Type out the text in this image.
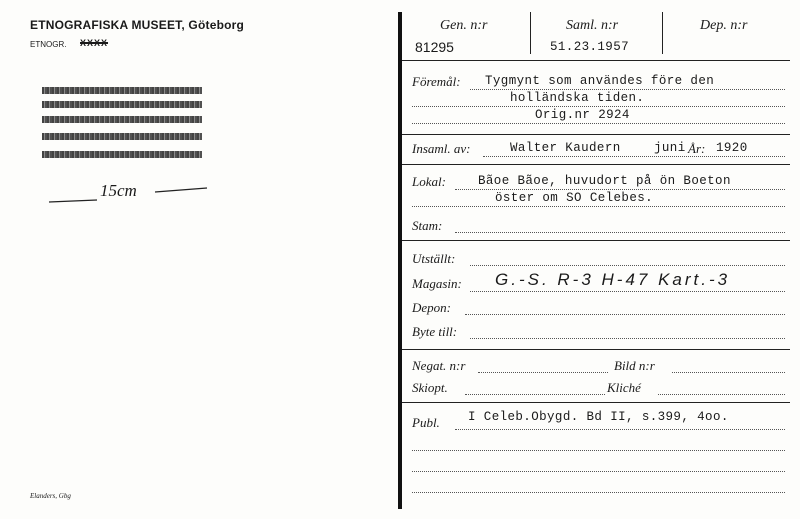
ETNOGRAFISKA MUSEET, Göteborg
ETNOGR. XXXX
15cm
Elanders, Gbg
Gen. n:r	Saml. n:r	Dep. n:r
81295	51.23.1957
Föremål: Tygmynt som användes före den
holländska tiden.
Orig.nr 2924
Insaml. av:	Walter Kaudern	juni År: 1920
Lokal:	Bãoe Bãoe, huvudort på ön Boeton
öster om SO Celebes.
Stam:
Utställt:
Magasin: G.-S. R-3 H-47 Kart.-3
Depon:
Byte till:
Negat. n:r	Bild n:r
Skiopt.	Kliché
Publ. I Celeb.Obygd. Bd II, s.399, 4oo.
